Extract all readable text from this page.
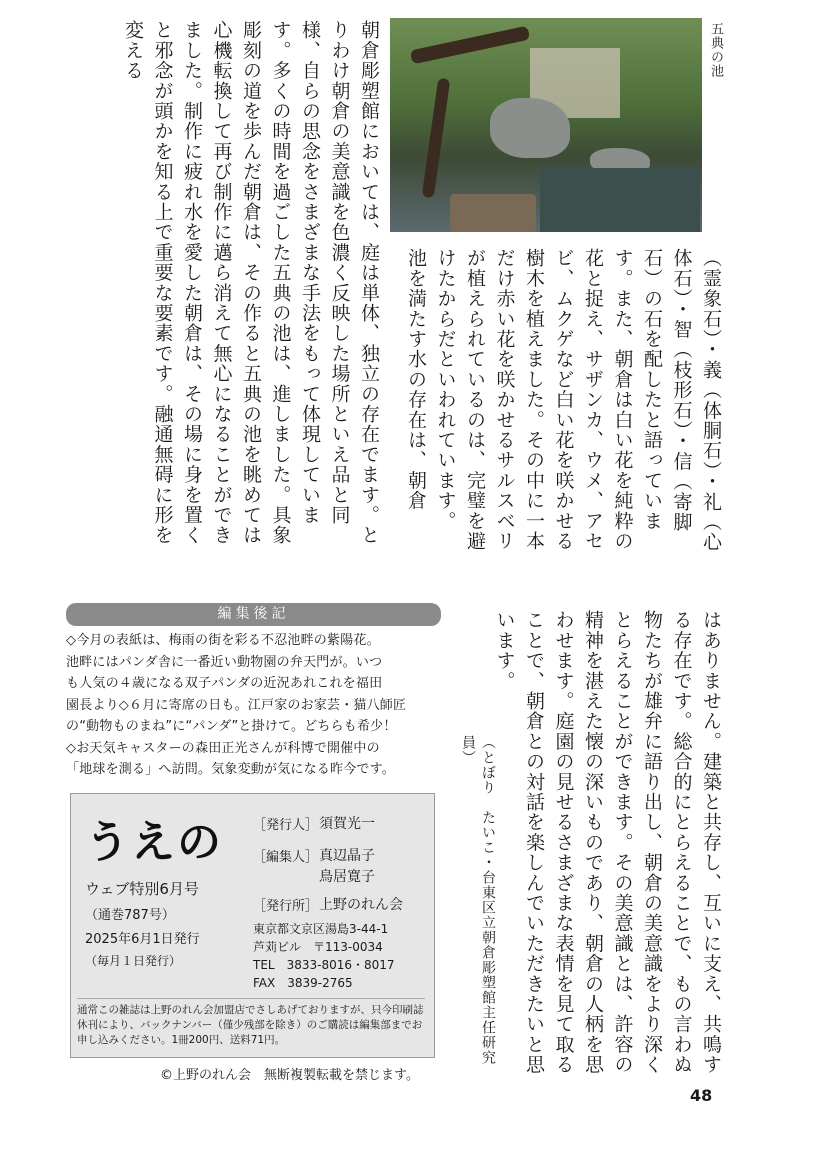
五典の池
（霊象石）・義（体胴石）・礼（心体石）・智（枝形石）・信（寄脚石）の石を配したと語っていま す。また、朝倉は白い花を純粋の花と捉え、サザンカ、ウメ、アセビ、ムクゲなど白い花を咲かせる樹木を植えました。その中に一本だけ赤い花を咲かせるサルスベリが植えられているのは、完璧を避けたからだといわれています。　池を満たす水の存在は、朝倉
朝倉彫塑館においては、庭は単体、独立の存在でます。とりわけ朝倉の美意識を色濃く反映した場所といえ品と同様、自らの思念をさまざまな手法をもって体現しています。多くの時間を過ごした五典の池は、進しました。具象彫刻の道を歩んだ朝倉は、その作ると五典の池を眺めては心機転換して再び制作に邁ら消えて無心になることができました。制作に疲れ水を愛した朝倉は、その場に身を置くと邪念が頭かを知る上で重要な要素です。融通無碍に形を変える
はありません。建築と共存し、互いに支え、共鳴する存在です。総合的にとらえることで、もの言わぬ物たちが雄弁に語り出し、朝倉の美意識をより深くとらえることができます。その美意識とは、許容の精神を湛えた懐の深いものであり、朝倉の人柄を思わせます。庭園の見せるさまざまな表情を見て取ることで、朝倉との対話を楽しんでいただきたいと思います。
（とぼり　たいこ・台東区立朝倉彫塑館主任研究員）
編集後記

◇今月の表紙は、梅雨の街を彩る不忍池畔の紫陽花。

池畔にはパンダ舎に一番近い動物園の弁天門が。いつ

も人気の４歳になる双子パンダの近況あれこれを福田

園長より◇６月に寄席の日も。江戸家のお家芸・猫八師匠

の“動物ものまね”に“パンダ”と掛けて。どちらも希少！

◇お天気キャスターの森田正光さんが科博で開催中の

「地球を測る」へ訪問。気象変動が気になる昨今です。

うえの
ウェブ特別6月号
（通巻787号）
2025年6月1日発行
（毎月１日発行）
［発行人］ 須賀光一
［編集人］ 真辺晶子
鳥居寛子
［発行所］ 上野のれん会
東京都文京区湯島3-44-1
芦苅ビル　〒113-0034
TEL　3833-8016・8017
FAX　3839-2765
通常この雑誌は上野のれん会加盟店でさしあげておりますが、只今印刷誌休刊により、バックナンバー（僅少残部を除き）のご購読は編集部までお申し込みください。1冊200円、送料71円。
©上野のれん会　無断複製転載を禁じます。
48
